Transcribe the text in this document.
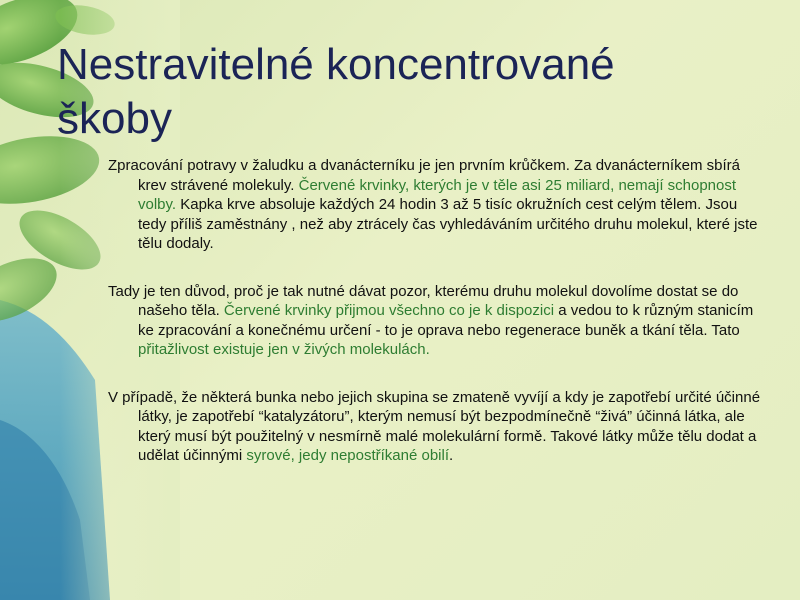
Nestravitelné koncentrované
škoby

Zpracování potravy v žaludku a dvanácterníku je jen prvním krůčkem. Za dvanácterníkem sbírá krev strávené molekuly. Červené krvinky, kterých je v těle asi 25 miliard, nemají schopnost volby. Kapka krve absoluje každých 24 hodin 3 až 5 tisíc okružních cest celým tělem. Jsou tedy příliš zaměstnány , než aby ztrácely čas vyhledáváním určitého druhu molekul, které jste tělu dodaly.

Tady je ten důvod, proč je tak nutné dávat pozor, kterému druhu molekul dovolíme dostat se do našeho těla. Červené krvinky přijmou všechno co je k dispozici a vedou to k různým stanicím ke zpracování a konečnému určení - to je oprava nebo regenerace buněk a tkání těla. Tato přitažlivost existuje jen v živých molekulách.

V případě, že některá bunka nebo jejich skupina se zmateně vyvíjí a kdy je zapotřebí určité účinné látky, je zapotřebí “katalyzátoru”, kterým nemusí být bezpodmínečně “živá” účinná látka, ale který musí být použitelný v nesmírně malé molekulární formě. Takové látky může tělu dodat a udělat účinnými syrové, jedy nepostříkané obilí.
